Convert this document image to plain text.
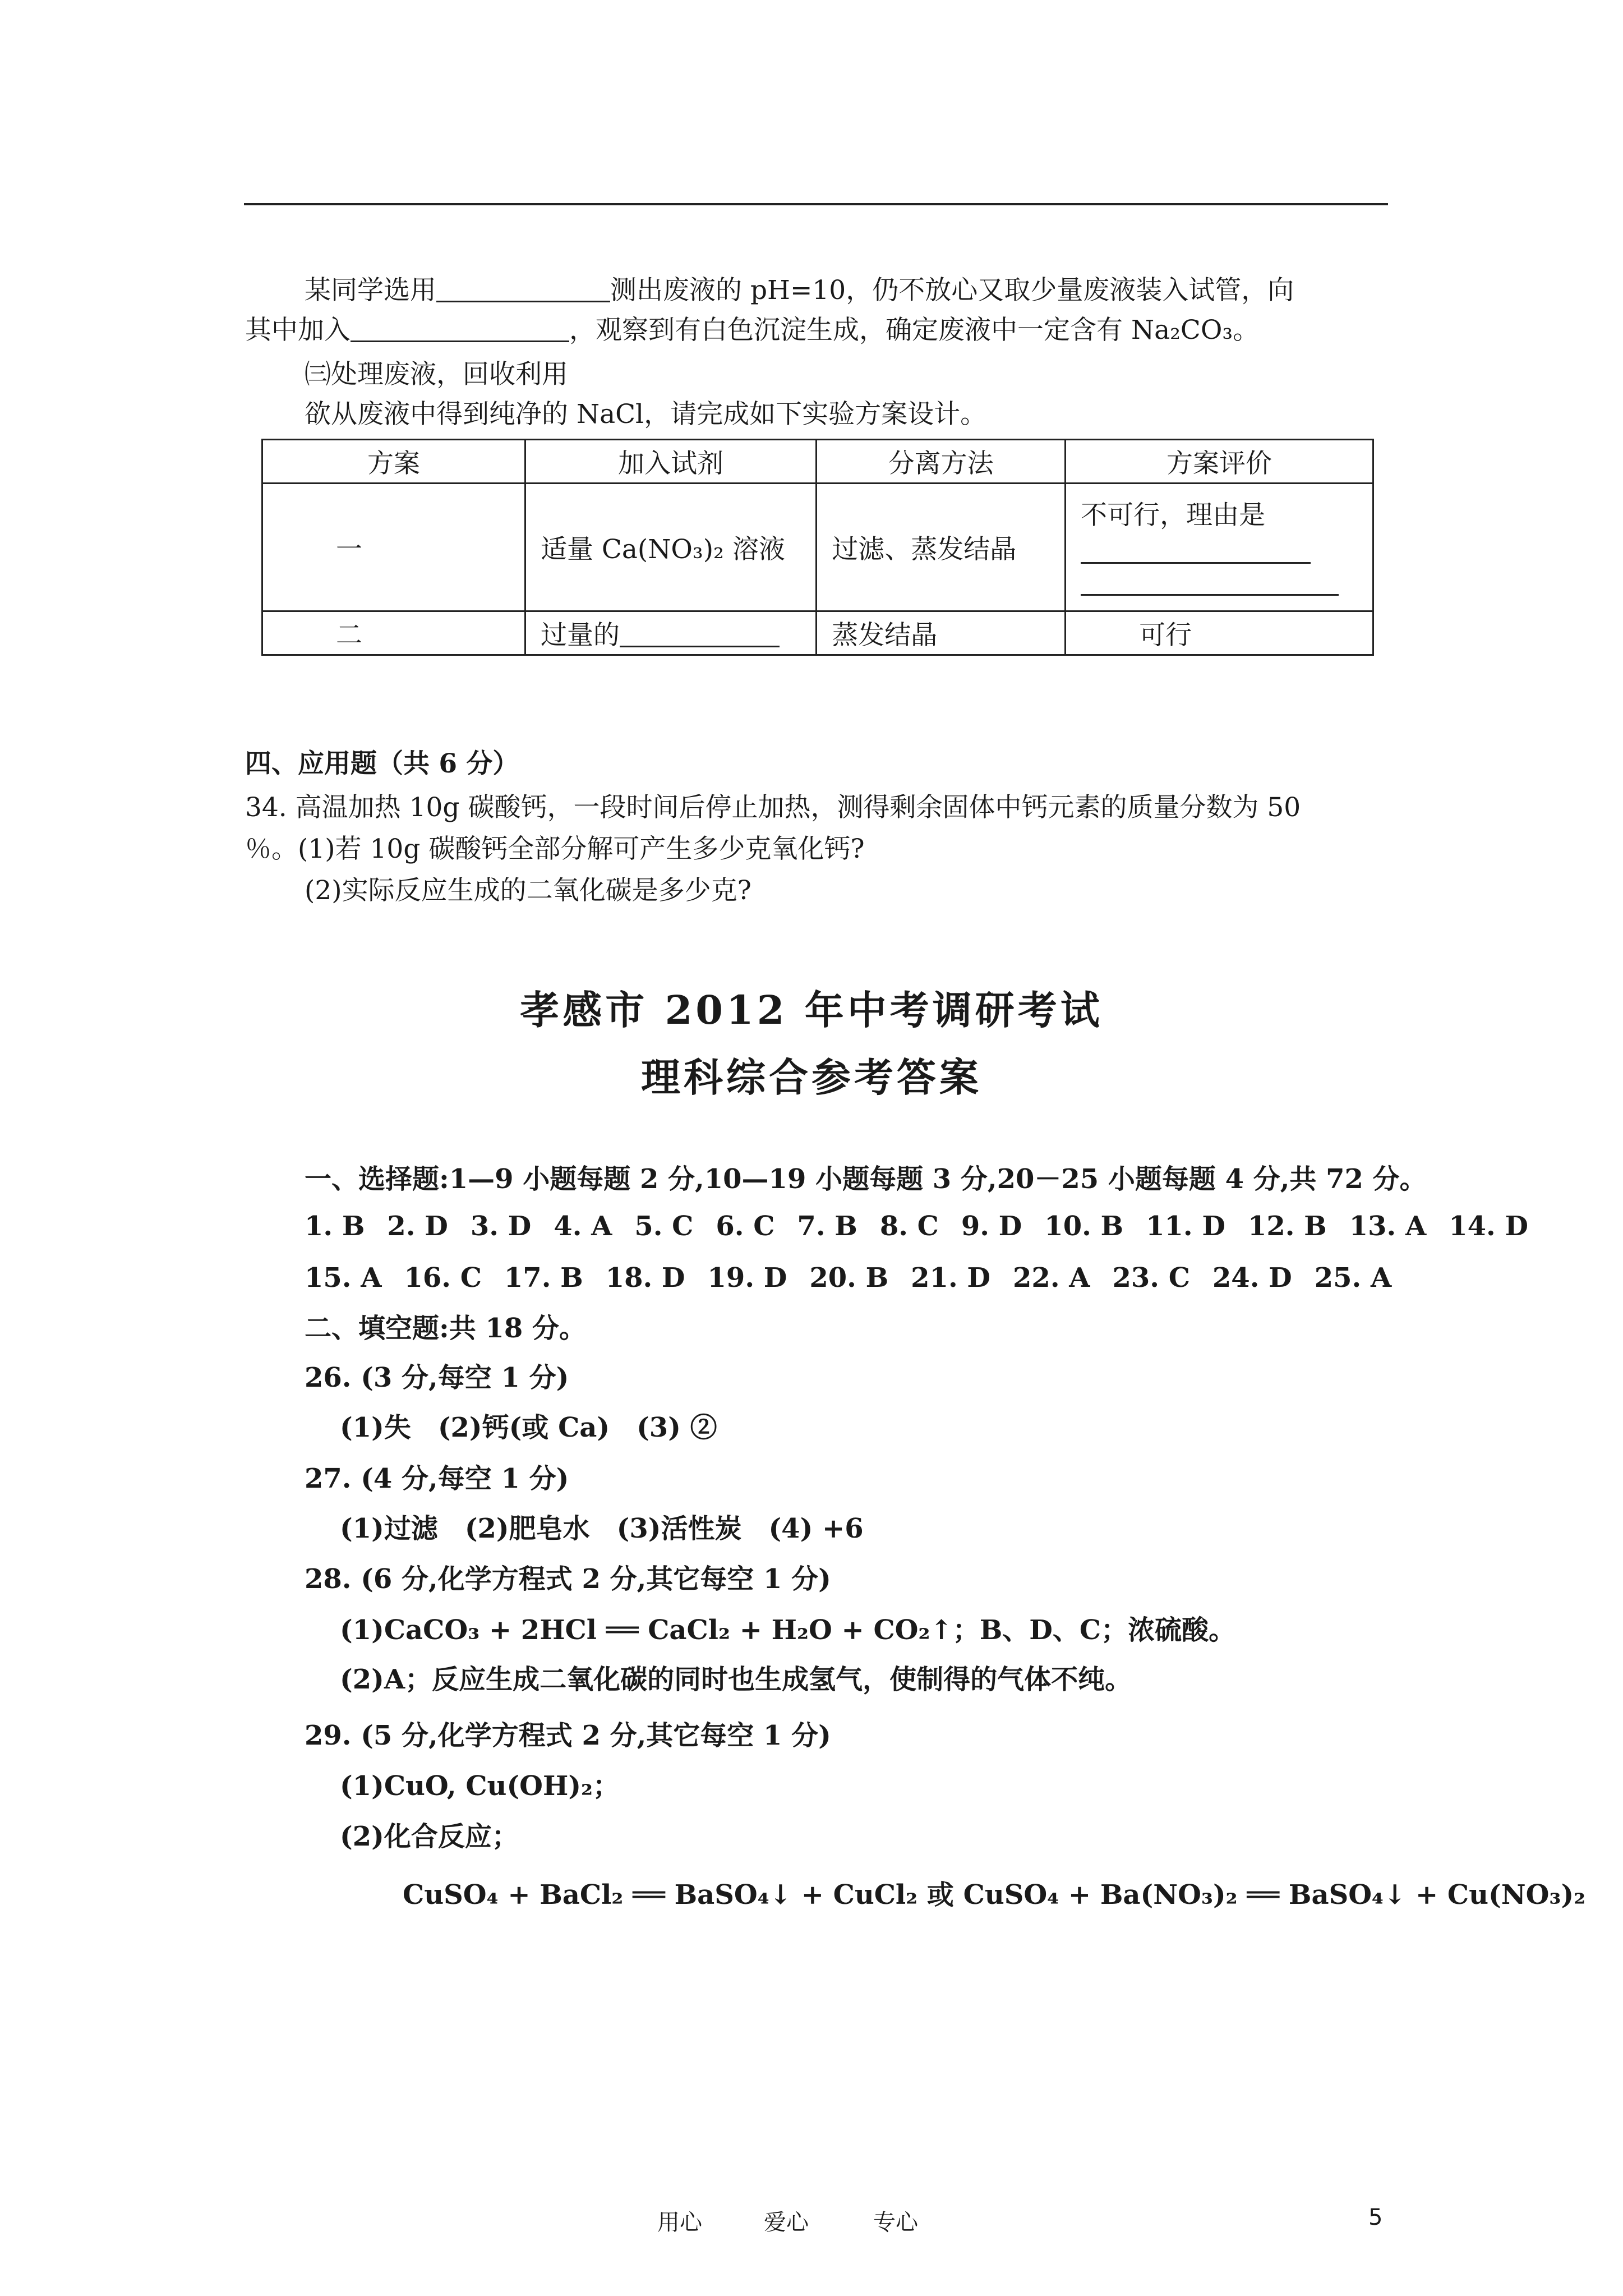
某同学选用	测出废液的 pH=10，仍不放心又取少量废液装入试管，向
其中加入	，观察到有白色沉淀生成，确定废液中一定含有 Na₂CO₃。
㈢处理废液，回收利用
欲从废液中得到纯净的 NaCl，请完成如下实验方案设计。
方案	加入试剂	分离方法	方案评价
一	适量 Ca(NO₃)₂ 溶液	过滤、蒸发结晶	不可行，理由是

二	过量的	蒸发结晶	可行
四、应用题（共 6 分）
34. 高温加热 10g 碳酸钙，一段时间后停止加热，测得剩余固体中钙元素的质量分数为 50
％。(1)若 10g 碳酸钙全部分解可产生多少克氧化钙?
(2)实际反应生成的二氧化碳是多少克?
孝感市 2012 年中考调研考试
理科综合参考答案
一、选择题:1—9 小题每题 2 分,10—19 小题每题 3 分,20－25 小题每题 4 分,共 72 分。
1. B 2. D 3. D 4. A 5. C 6. C 7. B 8. C 9. D 10. B 11. D 12. B 13. A 14. D
15. A 16. C 17. B 18. D 19. D 20. B 21. D 22. A 23. C 24. D 25. A
二、填空题:共 18 分。
26. (3 分,每空 1 分)
(1)失　(2)钙(或 Ca)　(3) ②
27. (4 分,每空 1 分)
(1)过滤　(2)肥皂水　(3)活性炭　(4) +6
28. (6 分,化学方程式 2 分,其它每空 1 分)
(1)CaCO₃ + 2HCl ══ CaCl₂ + H₂O + CO₂↑；B、D、C；浓硫酸。
(2)A；反应生成二氧化碳的同时也生成氢气，使制得的气体不纯。
29. (5 分,化学方程式 2 分,其它每空 1 分)
(1)CuO, Cu(OH)₂；
(2)化合反应；
CuSO₄ + BaCl₂ ══ BaSO₄↓ + CuCl₂ 或 CuSO₄ + Ba(NO₃)₂ ══ BaSO₄↓ + Cu(NO₃)₂
用心	爱心	专心	5
